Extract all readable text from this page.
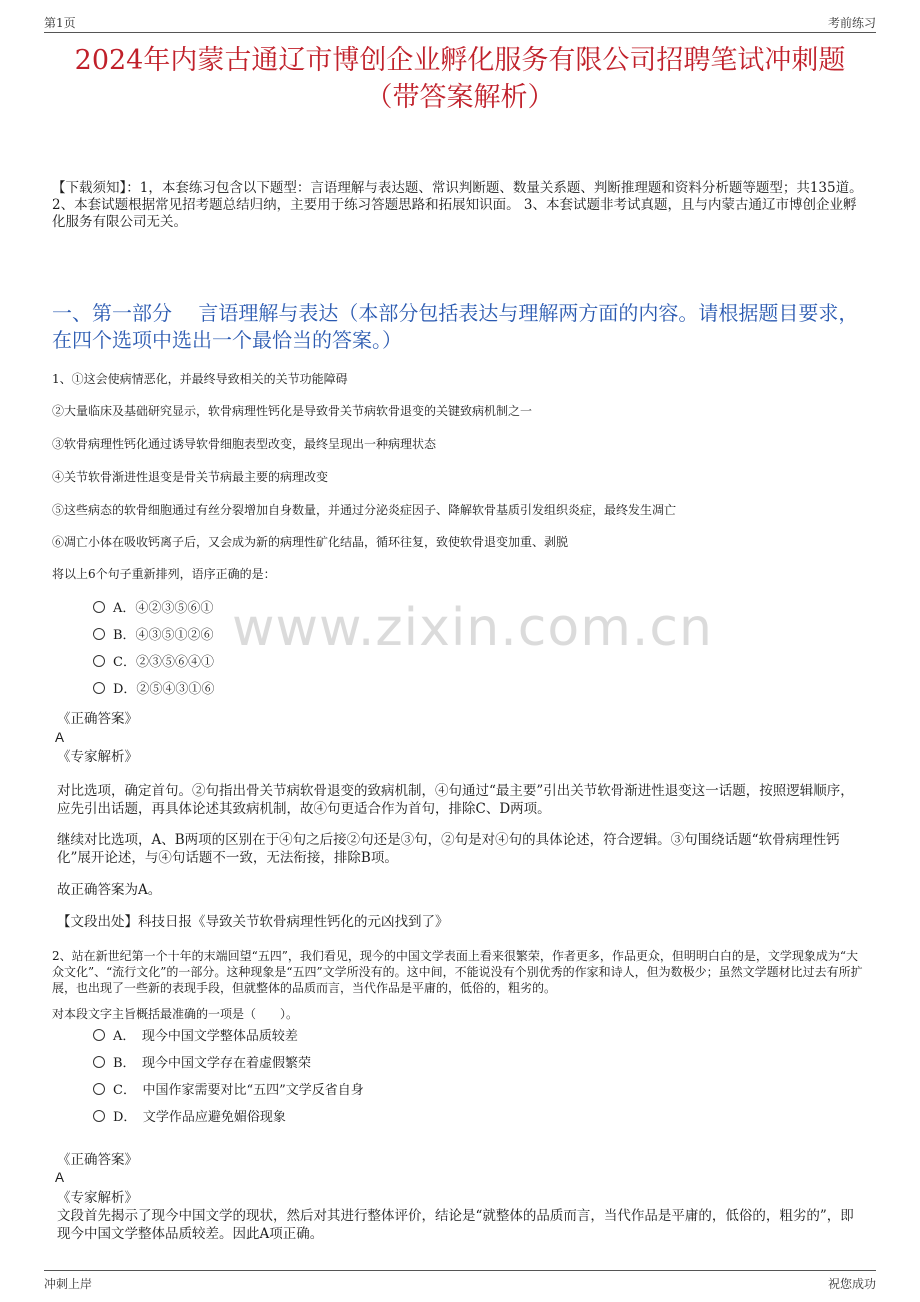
第1页	考前练习
2024年内蒙古通辽市博创企业孵化服务有限公司招聘笔试冲刺题（带答案解析）
【下载须知】：1，本套练习包含以下题型：言语理解与表达题、常识判断题、数量关系题、判断推理题和资料分析题等题型；共135道。 2、本套试题根据常见招考题总结归纳，主要用于练习答题思路和拓展知识面。 3、本套试题非考试真题，且与内蒙古通辽市博创企业孵化服务有限公司无关。
一、第一部分　 言语理解与表达（本部分包括表达与理解两方面的内容。请根据题目要求，在四个选项中选出一个最恰当的答案。）
1、①这会使病情恶化，并最终导致相关的关节功能障碍
②大量临床及基础研究显示，软骨病理性钙化是导致骨关节病软骨退变的关键致病机制之一
③软骨病理性钙化通过诱导软骨细胞表型改变，最终呈现出一种病理状态
④关节软骨渐进性退变是骨关节病最主要的病理改变
⑤这些病态的软骨细胞通过有丝分裂增加自身数量，并通过分泌炎症因子、降解软骨基质引发组织炎症，最终发生凋亡
⑥凋亡小体在吸收钙离子后，又会成为新的病理性矿化结晶，循环往复，致使软骨退变加重、剥脱
将以上6个句子重新排列，语序正确的是：
A．④②③⑤⑥①
B．④③⑤①②⑥
C．②③⑤⑥④①
D．②⑤④③①⑥
www.zixin.com.cn
《正确答案》
A
《专家解析》
对比选项，确定首句。②句指出骨关节病软骨退变的致病机制，④句通过“最主要”引出关节软骨渐进性退变这一话题，按照逻辑顺序，应先引出话题，再具体论述其致病机制，故④句更适合作为首句，排除C、D两项。
继续对比选项，A、B两项的区别在于④句之后接②句还是③句，②句是对④句的具体论述，符合逻辑。③句围绕话题“软骨病理性钙化”展开论述，与④句话题不一致，无法衔接，排除B项。
故正确答案为A。
【文段出处】科技日报《导致关节软骨病理性钙化的元凶找到了》
2、站在新世纪第一个十年的末端回望“五四”，我们看见，现今的中国文学表面上看来很繁荣，作者更多，作品更众，但明明白白的是，文学现象成为“大众文化”、“流行文化”的一部分。这种现象是“五四”文学所没有的。这中间，不能说没有个别优秀的作家和诗人，但为数极少；虽然文学题材比过去有所扩展，也出现了一些新的表现手段，但就整体的品质而言，当代作品是平庸的，低俗的，粗劣的。
对本段文字主旨概括最准确的一项是（　　）。
A．　现今中国文学整体品质较差
B．　现今中国文学存在着虚假繁荣
C．　中国作家需要对比“五四”文学反省自身
D．　文学作品应避免媚俗现象
《正确答案》
A
《专家解析》
文段首先揭示了现今中国文学的现状，然后对其进行整体评价，结论是“就整体的品质而言，当代作品是平庸的，低俗的，粗劣的”，即现今中国文学整体品质较差。因此A项正确。
冲刺上岸	祝您成功
